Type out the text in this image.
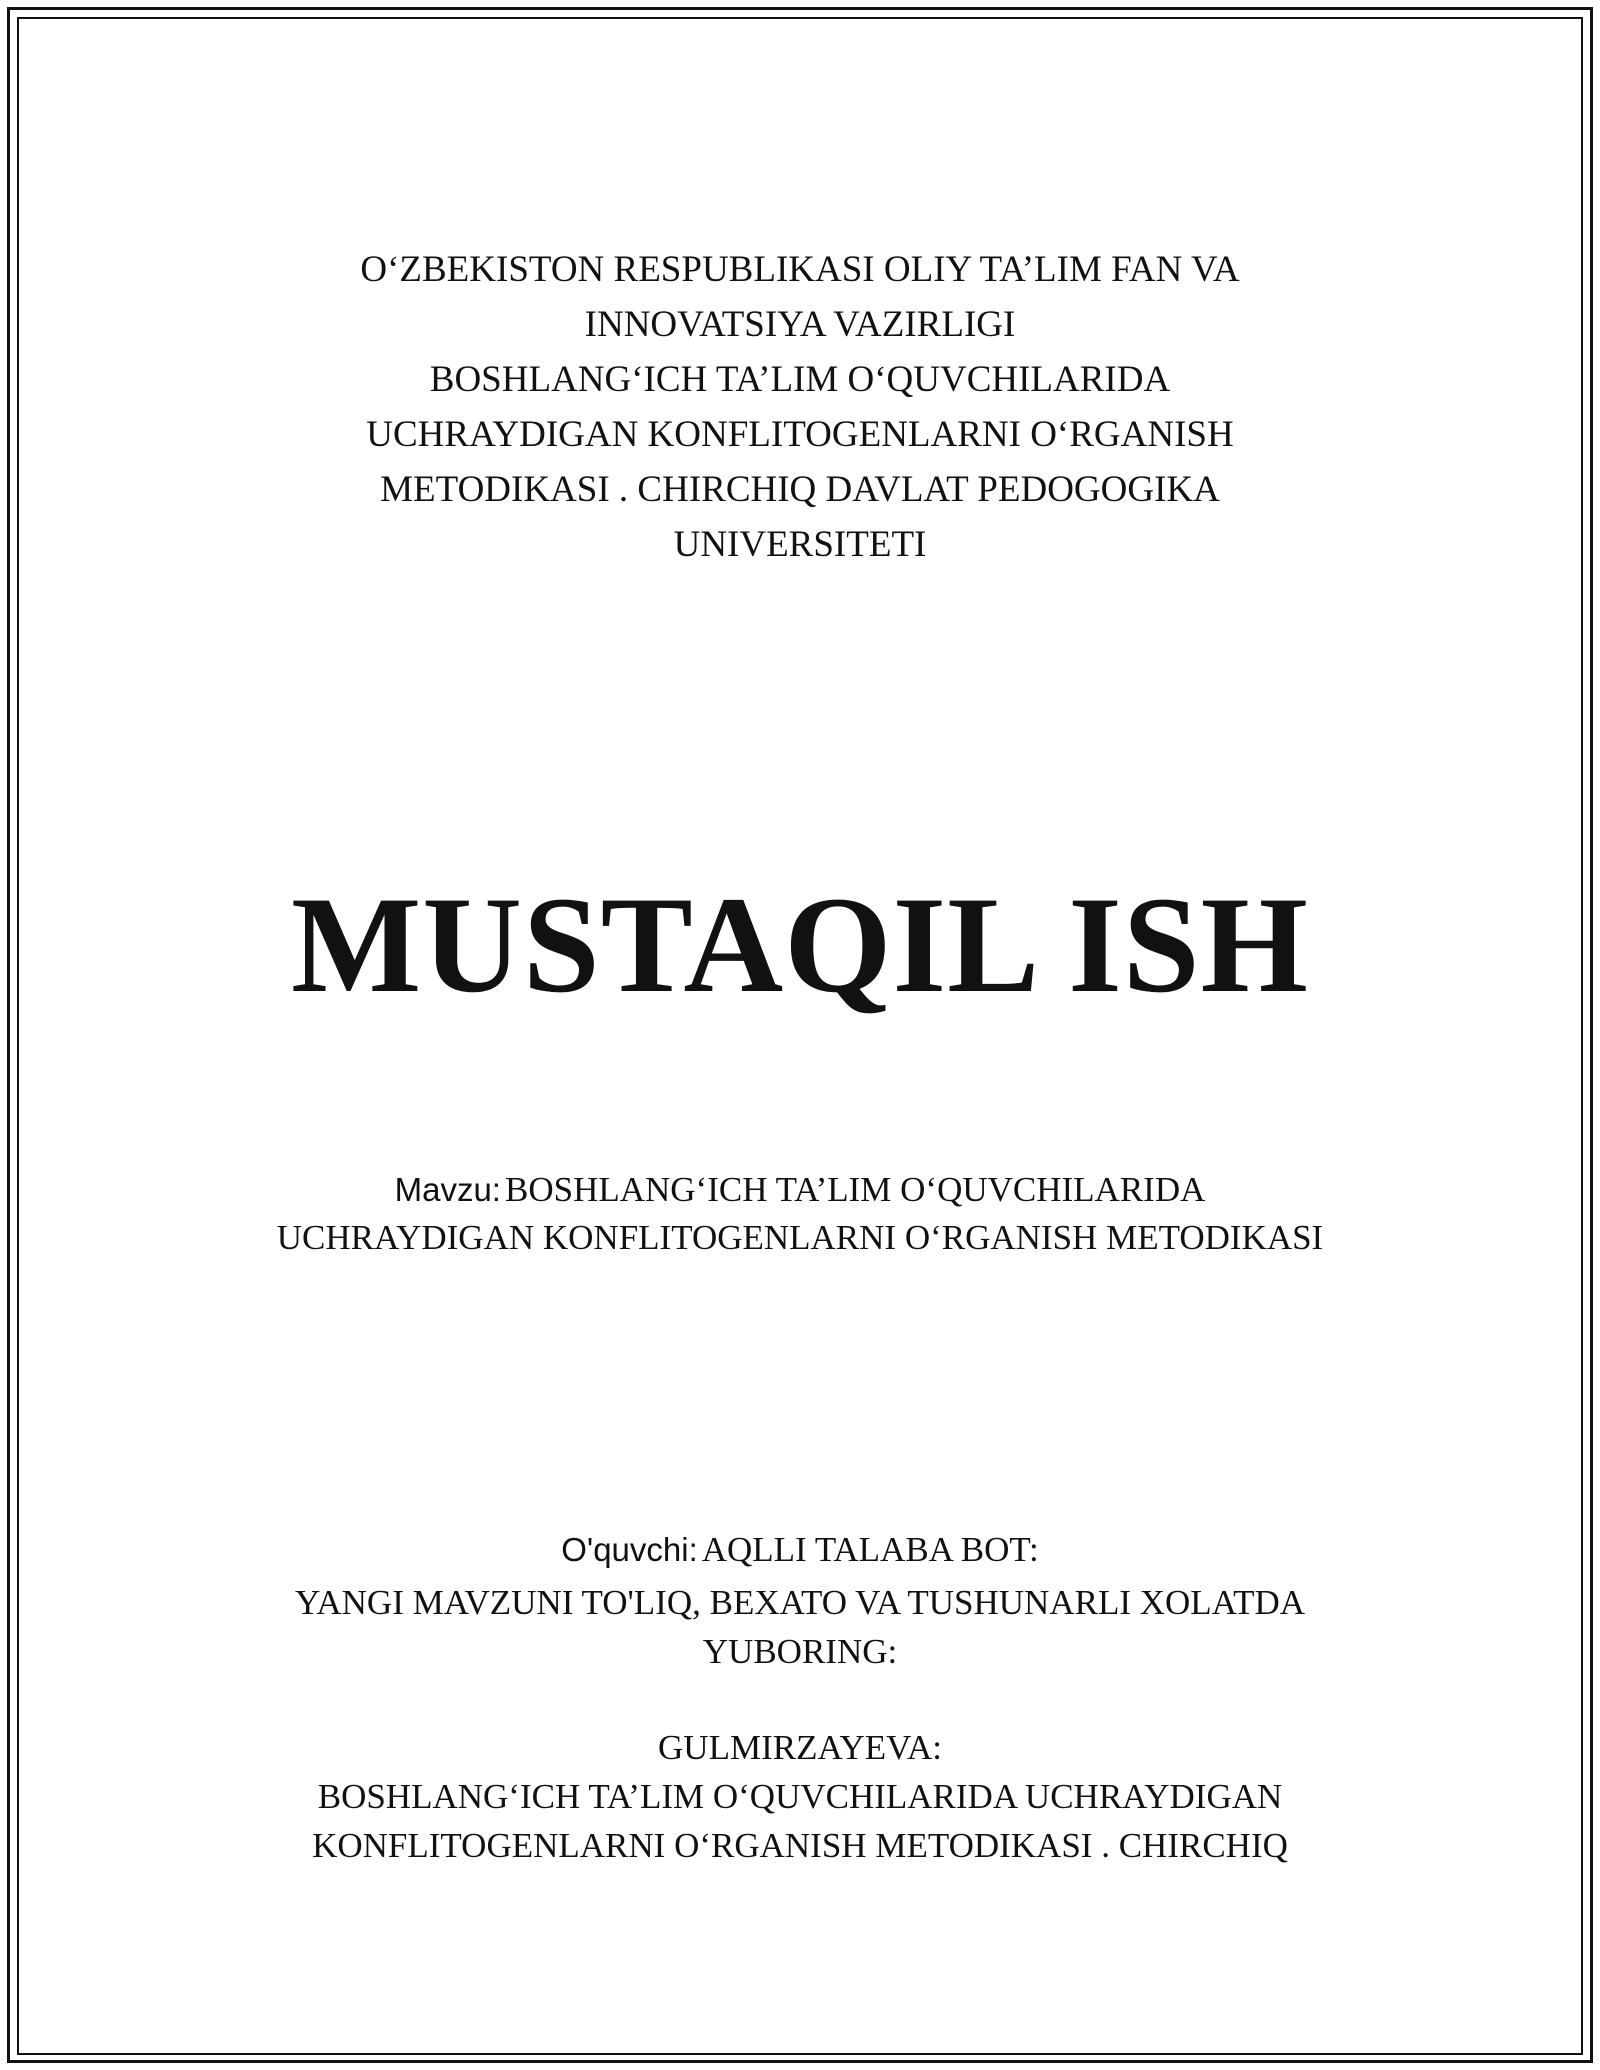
O‘ZBEKISTON RESPUBLIKASI OLIY TA’LIM FAN VA

INNOVATSIYA VAZIRLIGI

BOSHLANG‘ICH TA’LIM O‘QUVCHILARIDA

UCHRAYDIGAN KONFLITOGENLARNI O‘RGANISH

METODIKASI . CHIRCHIQ DAVLAT PEDOGOGIKA

UNIVERSITETI

MUSTAQIL ISH

Mavzu: BOSHLANG‘ICH TA’LIM O‘QUVCHILARIDA

UCHRAYDIGAN KONFLITOGENLARNI O‘RGANISH METODIKASI

O'quvchi: AQLLI TALABA BOT:

YANGI MAVZUNI TO'LIQ, BEXATO VA TUSHUNARLI XOLATDA

YUBORING:

GULMIRZAYEVA:

BOSHLANG‘ICH TA’LIM O‘QUVCHILARIDA UCHRAYDIGAN

KONFLITOGENLARNI O‘RGANISH METODIKASI . CHIRCHIQ
